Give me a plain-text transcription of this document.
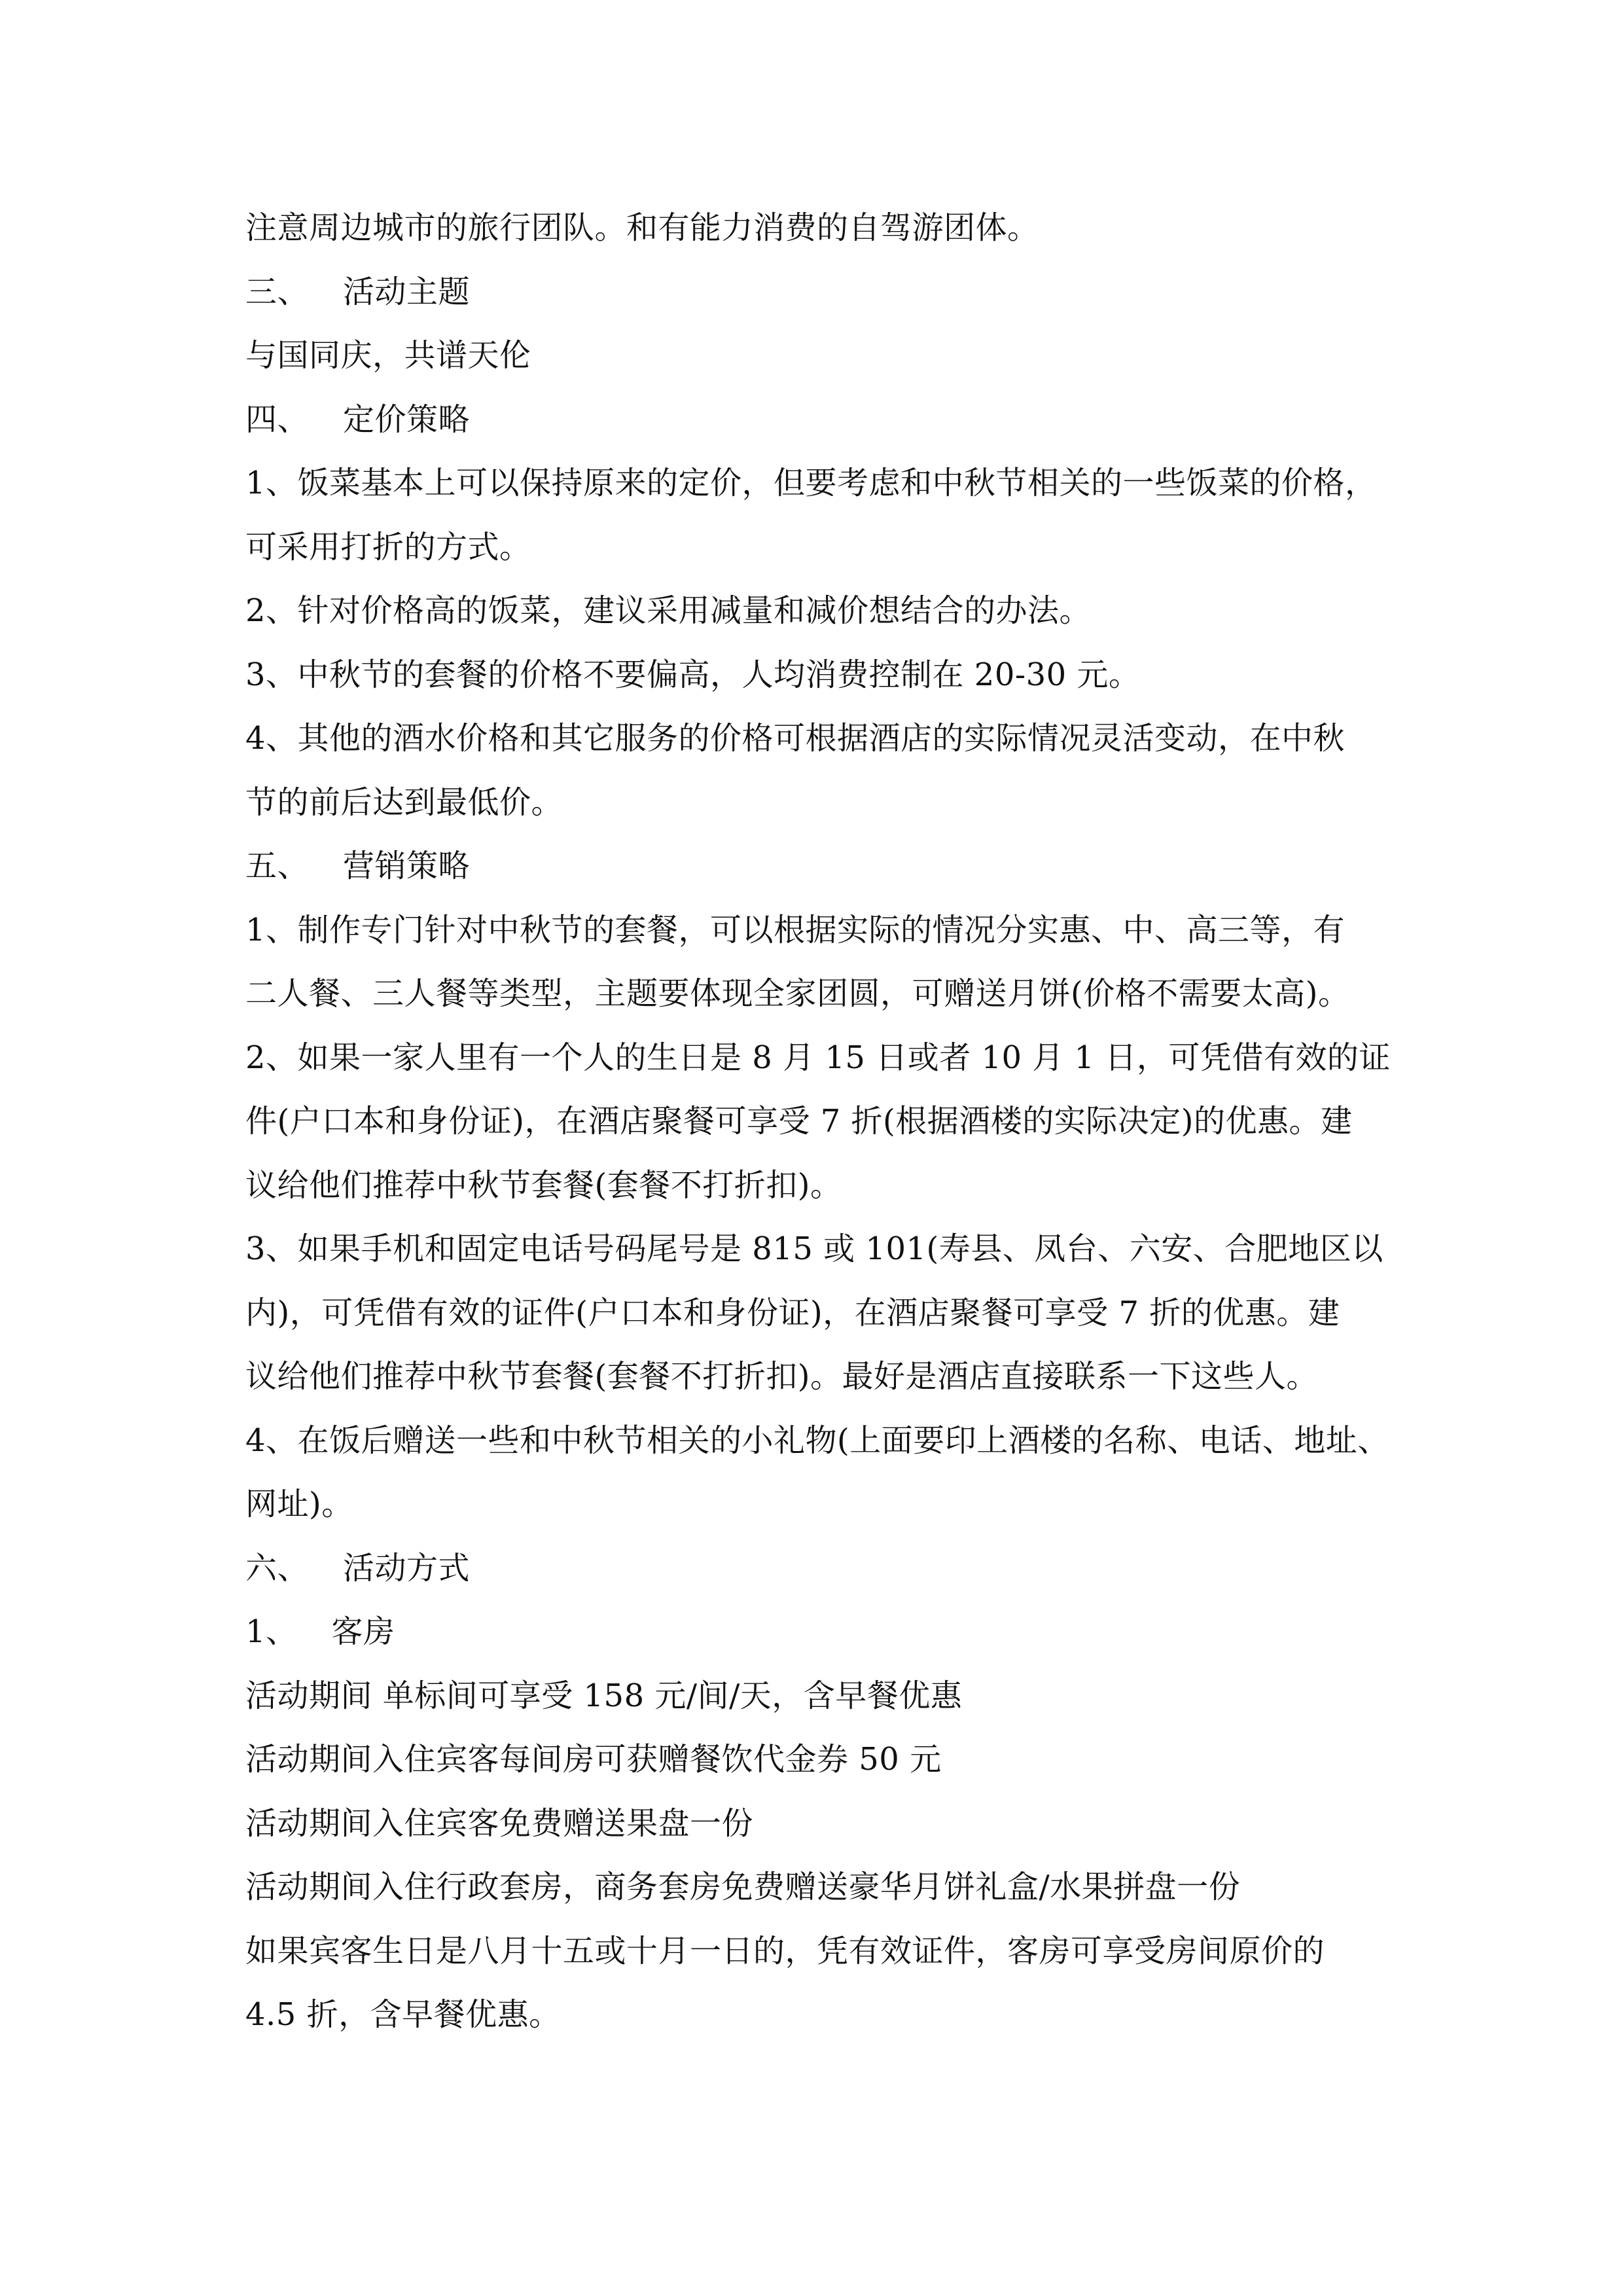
注意周边城市的旅行团队。和有能力消费的自驾游团体。
三、 活动主题
与国同庆，共谱天伦
四、 定价策略
1、饭菜基本上可以保持原来的定价，但要考虑和中秋节相关的一些饭菜的价格，
可采用打折的方式。
2、针对价格高的饭菜，建议采用减量和减价想结合的办法。
3、中秋节的套餐的价格不要偏高，人均消费控制在 20-30 元。
4、其他的酒水价格和其它服务的价格可根据酒店的实际情况灵活变动，在中秋
节的前后达到最低价。
五、 营销策略
1、制作专门针对中秋节的套餐，可以根据实际的情况分实惠、中、高三等，有
二人餐、三人餐等类型，主题要体现全家团圆，可赠送月饼(价格不需要太高)。
2、如果一家人里有一个人的生日是 8 月 15 日或者 10 月 1 日，可凭借有效的证
件(户口本和身份证)，在酒店聚餐可享受 7 折(根据酒楼的实际决定)的优惠。建
议给他们推荐中秋节套餐(套餐不打折扣)。
3、如果手机和固定电话号码尾号是 815 或 101(寿县、凤台、六安、合肥地区以
内)，可凭借有效的证件(户口本和身份证)，在酒店聚餐可享受 7 折的优惠。建
议给他们推荐中秋节套餐(套餐不打折扣)。最好是酒店直接联系一下这些人。
4、在饭后赠送一些和中秋节相关的小礼物(上面要印上酒楼的名称、电话、地址、
网址)。
六、 活动方式
1、 客房
活动期间 单标间可享受 158 元/间/天，含早餐优惠
活动期间入住宾客每间房可获赠餐饮代金券 50 元
活动期间入住宾客免费赠送果盘一份
活动期间入住行政套房，商务套房免费赠送豪华月饼礼盒/水果拼盘一份
如果宾客生日是八月十五或十月一日的，凭有效证件，客房可享受房间原价的
4.5 折，含早餐优惠。
